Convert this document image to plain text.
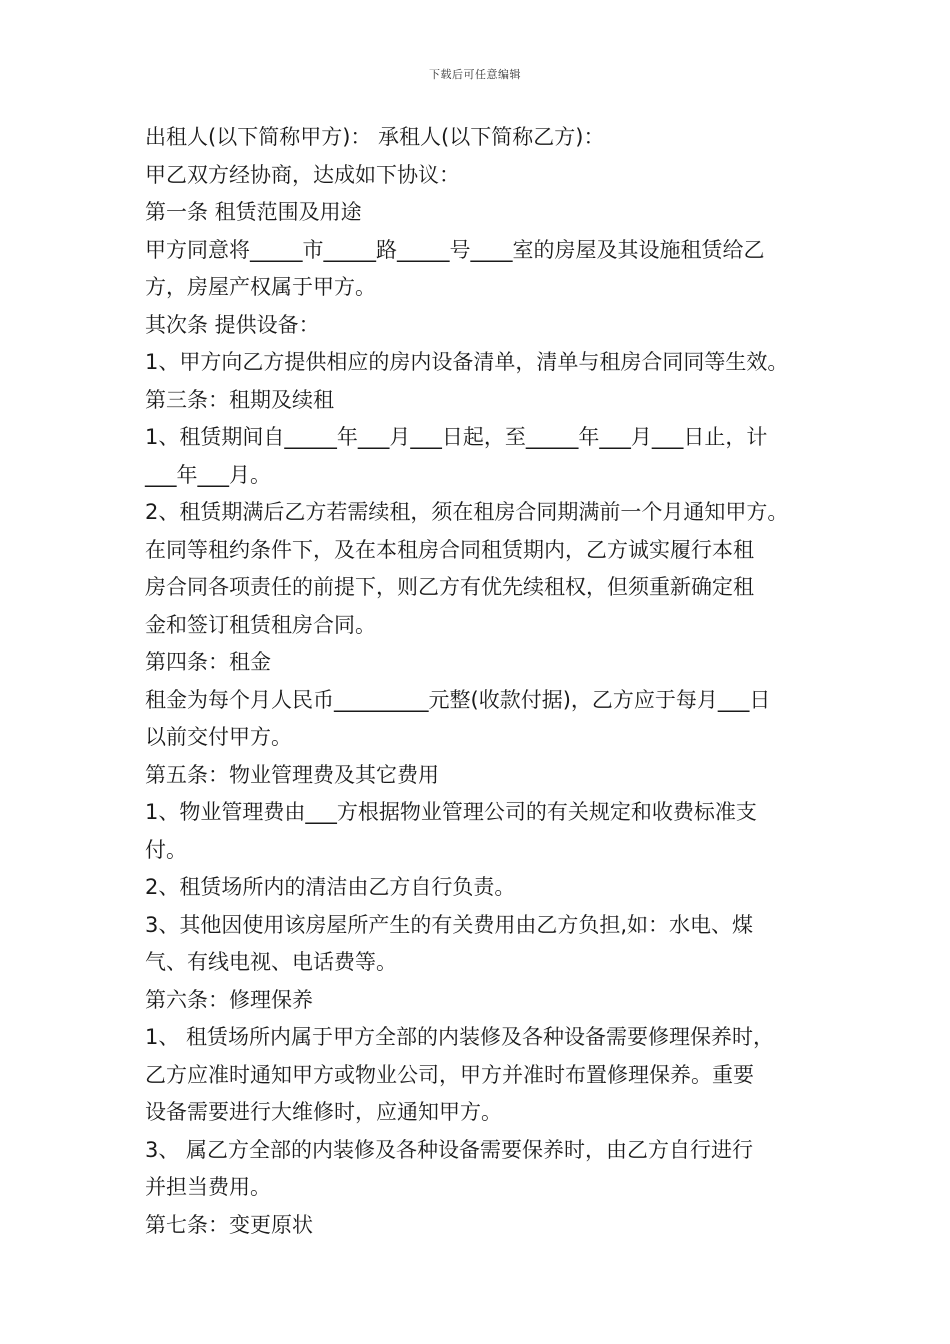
下载后可任意编辑
出租人(以下简称甲方)： 承租人(以下简称乙方)：
甲乙双方经协商，达成如下协议：
第一条 租赁范围及用途
甲方同意将_____市_____路_____号____室的房屋及其设施租赁给乙
方，房屋产权属于甲方。
其次条 提供设备：
1、甲方向乙方提供相应的房内设备清单，清单与租房合同同等生效。
第三条：租期及续租
1、租赁期间自_____年___月___日起，至_____年___月___日止，计
___年___月。
2、租赁期满后乙方若需续租，须在租房合同期满前一个月通知甲方。
在同等租约条件下，及在本租房合同租赁期内，乙方诚实履行本租
房合同各项责任的前提下，则乙方有优先续租权，但须重新确定租
金和签订租赁租房合同。
第四条：租金
租金为每个月人民币_________元整(收款付据)，乙方应于每月___日
以前交付甲方。
第五条：物业管理费及其它费用
1、物业管理费由___方根据物业管理公司的有关规定和收费标准支
付。
2、租赁场所内的清洁由乙方自行负责。
3、其他因使用该房屋所产生的有关费用由乙方负担,如：水电、煤
气、有线电视、电话费等。
第六条：修理保养
1、 租赁场所内属于甲方全部的内装修及各种设备需要修理保养时，
乙方应准时通知甲方或物业公司，甲方并准时布置修理保养。重要
设备需要进行大维修时，应通知甲方。
3、 属乙方全部的内装修及各种设备需要保养时，由乙方自行进行
并担当费用。
第七条：变更原状
